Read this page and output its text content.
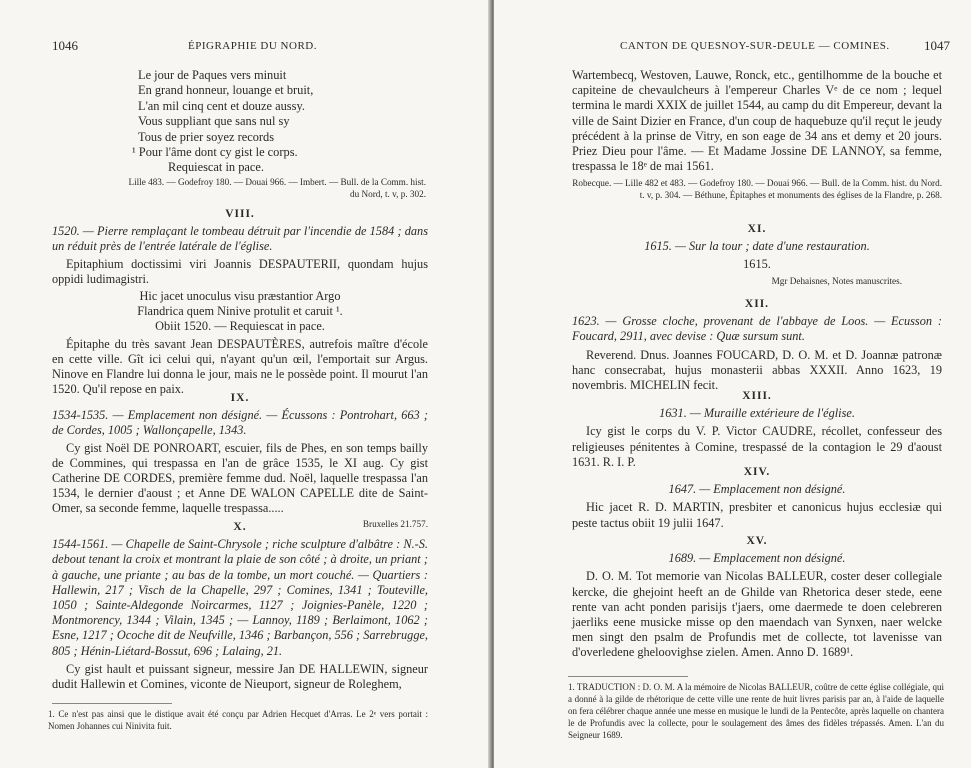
1046	ÉPIGRAPHIE DU NORD.
Le jour de Paques vers minuit
En grand honneur, louange et bruit,
L'an mil cinq cent et douze aussy.
Vous suppliant que sans nul sy
Tous de prier soyez records
¹ Pour l'âme dont cy gist le corps.
Requiescat in pace.
Lille 483. — Godefroy 180. — Douai 966. — Imbert. — Bull. de la Comm. hist. du Nord, t. v, p. 302.
VIII.

1520. — Pierre remplaçant le tombeau détruit par l'incendie de 1584 ; dans un réduit près de l'entrée latérale de l'église.

Epitaphium doctissimi viri Joannis DESPAUTERII, quondam hujus oppidi ludimagistri.

Hic jacet unoculus visu præstantior Argo
Flandrica quem Ninive protulit et caruit ¹.
Obiit 1520. — Requiescat in pace.

Épitaphe du très savant Jean DESPAUTÈRES, autrefois maître d'école en cette ville. Gît ici celui qui, n'ayant qu'un œil, l'emportait sur Argus. Ninove en Flandre lui donna le jour, mais ne le possède point. Il mourut l'an 1520. Qu'il repose en paix.

IX.

1534-1535. — Emplacement non désigné. — Écussons : Pontrohart, 663 ; de Cordes, 1005 ; Wallonçapelle, 1343.

Cy gist Noël DE PONROART, escuier, fils de Phes, en son temps bailly de Commines, qui trespassa en l'an de grâce 1535, le XI aug. Cy gist Catherine DE CORDES, première femme dud. Noël, laquelle trespassa l'an 1534, le dernier d'aoust ; et Anne DE WALON CAPELLE dite de Saint-Omer, sa seconde femme, laquelle trespassa.....

Bruxelles 21.757.

X.

1544-1561. — Chapelle de Saint-Chrysole ; riche sculpture d'albâtre : N.-S. debout tenant la croix et montrant la plaie de son côté ; à droite, un priant ; à gauche, une priante ; au bas de la tombe, un mort couché. — Quartiers : Hallewin, 217 ; Visch de la Chapelle, 297 ; Comines, 1341 ; Touteville, 1050 ; Sainte-Aldegonde Noircarmes, 1127 ; Joignies-Panèle, 1220 ; Montmorency, 1344 ; Vilain, 1345 ; — Lannoy, 1189 ; Berlaimont, 1062 ; Esne, 1217 ; Ocoche dit de Neufville, 1346 ; Barbançon, 556 ; Sarrebrugge, 805 ; Hénin-Liétard-Bossut, 696 ; Lalaing, 21.

Cy gist hault et puissant signeur, messire Jan DE HALLEWIN, signeur dudit Hallewin et Comines, viconte de Nieuport, signeur de Roleghem,

1. Ce n'est pas ainsi que le distique avait été conçu par Adrien Hecquet d'Arras. Le 2ᵉ vers portait : Nomen Johannes cui Ninivita fuit.
CANTON DE QUESNOY-SUR-DEULE — COMINES.	1047

Wartembecq, Westoven, Lauwe, Ronck, etc., gentilhomme de la bouche et capiteine de chevaulcheurs à l'empereur Charles Vᵉ de ce nom ; lequel termina le mardi XXIX de juillet 1544, au camp du dit Empereur, devant la ville de Saint Dizier en France, d'un coup de haquebuze qu'il reçut le jeudy précédent à la prinse de Vitry, en son eage de 34 ans et demy et 20 jours. Priez Dieu pour l'âme. — Et Madame Jossine DE LANNOY, sa femme, trespassa le 18ᵉ de mai 1561.

Robecque. — Lille 482 et 483. — Godefroy 180. — Douai 966. — Bull. de la Comm. hist. du Nord. t. v, p. 304. — Béthune, Épitaphes et monuments des églises de la Flandre, p. 268.

XI.

1615. — Sur la tour ; date d'une restauration.

1615.

Mgr Dehaisnes, Notes manuscrites.

XII.

1623. — Grosse cloche, provenant de l'abbaye de Loos. — Ecusson : Foucard, 2911, avec devise : Quæ sursum sunt.

Reverend. Dnus. Joannes FOUCARD, D. O. M. et D. Joannæ patronæ hanc consecrabat, hujus monasterii abbas XXXII. Anno 1623, 19 novembris. MICHELIN fecit.

XIII.

1631. — Muraille extérieure de l'église.

Icy gist le corps du V. P. Victor CAUDRE, récollet, confesseur des religieuses pénitentes à Comine, trespassé de la contagion le 29 d'aoust 1631. R. I. P.

XIV.

1647. — Emplacement non désigné.

Hic jacet R. D. MARTIN, presbiter et canonicus hujus ecclesiæ qui peste tactus obiit 19 julii 1647.

XV.

1689. — Emplacement non désigné.

D. O. M. Tot memorie van Nicolas BALLEUR, coster deser collegiale kercke, die ghejoint heeft an de Ghilde van Rhetorica deser stede, eene rente van acht ponden parisijs t'jaers, ome daermede te doen celebreren jaerliks eene musicke misse op den maendach van Synxen, naer welcke men singt den psalm de Profundis met de collecte, tot lavenisse van d'overledene gheloovighse zielen. Amen. Anno D. 1689¹.

1. TRADUCTION : D. O. M. A la mémoire de Nicolas BALLEUR, coûtre de cette église collégiale, qui a donné à la gilde de rhétorique de cette ville une rente de huit livres parisis par an, à l'aide de laquelle on fera célébrer chaque année une messe en musique le lundi de la Pentecôte, après laquelle on chantera le de Profundis avec la collecte, pour le soulagement des âmes des fidèles trépassés. Amen. L'an du Seigneur 1689.
